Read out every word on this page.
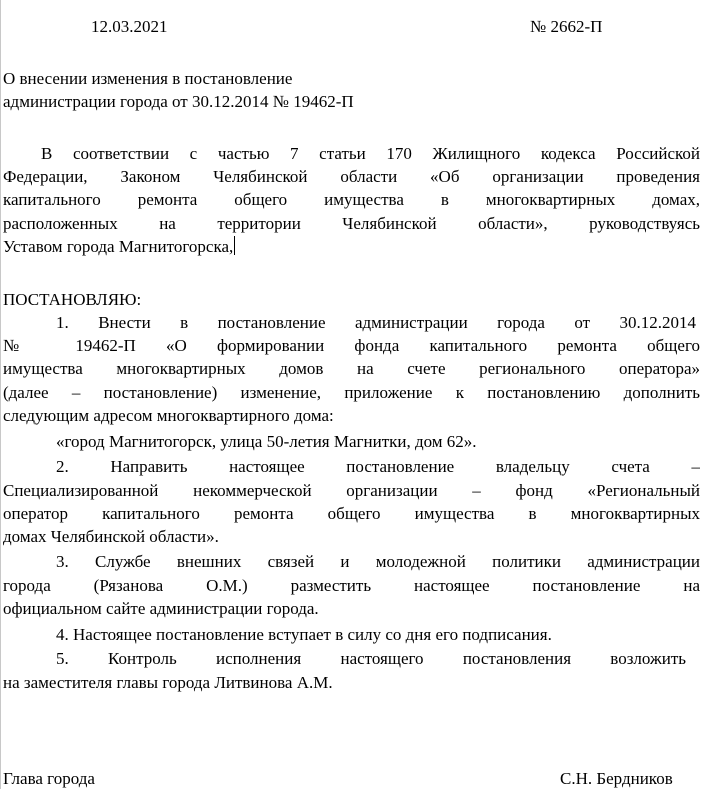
12.03.2021	№ 2662-П
О внесении изменения в постановление
администрации города от 30.12.2014 № 19462-П
В соответствии с частью 7 статьи 170 Жилищного кодекса Российской
Федерации, Законом Челябинской области «Об организации проведения
капитального ремонта общего имущества в многоквартирных домах,
расположенных на территории Челябинской области», руководствуясь
Уставом города Магнитогорска,
ПОСТАНОВЛЯЮ:
1. Внести в постановление администрации города от 30.12.2014
№ 19462-П «О формировании фонда капитального ремонта общего
имущества многоквартирных домов на счете регионального оператора»
(далее – постановление) изменение, приложение к постановлению дополнить
следующим адресом многоквартирного дома:
«город Магнитогорск, улица 50-летия Магнитки, дом 62».
2. Направить настоящее постановление владельцу счета –
Специализированной некоммерческой организации – фонд «Региональный
оператор капитального ремонта общего имущества в многоквартирных
домах Челябинской области».
3. Службе внешних связей и молодежной политики администрации
города (Рязанова О.М.) разместить настоящее постановление на
официальном сайте администрации города.
4. Настоящее постановление вступает в силу со дня его подписания.
5. Контроль исполнения настоящего постановления возложить
на заместителя главы города Литвинова А.М.
Глава города	С.Н. Бердников
